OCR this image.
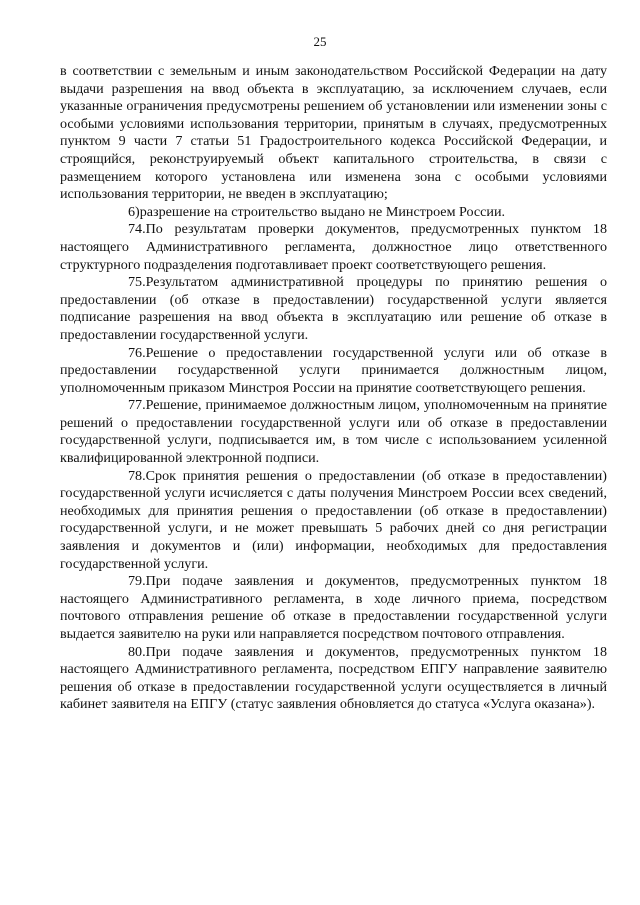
25

в соответствии с земельным и иным законодательством Российской Федерации на дату выдачи разрешения на ввод объекта в эксплуатацию, за исключением случаев, если указанные ограничения предусмотрены решением об установлении или изменении зоны с особыми условиями использования территории, принятым в случаях, предусмотренных пунктом 9 части 7 статьи 51 Градостроительного кодекса Российской Федерации, и строящийся, реконструируемый объект капитального строительства, в связи с размещением которого установлена или изменена зона с особыми условиями использования территории, не введен в эксплуатацию;

6)разрешение на строительство выдано не Минстроем России.

74.По результатам проверки документов, предусмотренных пунктом 18 настоящего Административного регламента, должностное лицо ответственного структурного подразделения подготавливает проект соответствующего решения.

75.Результатом административной процедуры по принятию решения о предоставлении (об отказе в предоставлении) государственной услуги является подписание разрешения на ввод объекта в эксплуатацию или решение об отказе в предоставлении государственной услуги.

76.Решение о предоставлении государственной услуги или об отказе в предоставлении государственной услуги принимается должностным лицом, уполномоченным приказом Минстроя России на принятие соответствующего решения.

77.Решение, принимаемое должностным лицом, уполномоченным на принятие решений о предоставлении государственной услуги или об отказе в предоставлении государственной услуги, подписывается им, в том числе с использованием усиленной квалифицированной электронной подписи.

78.Срок принятия решения о предоставлении (об отказе в предоставлении) государственной услуги исчисляется с даты получения Минстроем России всех сведений, необходимых для принятия решения о предоставлении (об отказе в предоставлении) государственной услуги, и не может превышать 5 рабочих дней со дня регистрации заявления и документов и (или) информации, необходимых для предоставления государственной услуги.

79.При подаче заявления и документов, предусмотренных пунктом 18 настоящего Административного регламента, в ходе личного приема, посредством почтового отправления решение об отказе в предоставлении государственной услуги выдается заявителю на руки или направляется посредством почтового отправления.

80.При подаче заявления и документов, предусмотренных пунктом 18 настоящего Административного регламента, посредством ЕПГУ направление заявителю решения об отказе в предоставлении государственной услуги осуществляется в личный кабинет заявителя на ЕПГУ (статус заявления обновляется до статуса «Услуга оказана»).
